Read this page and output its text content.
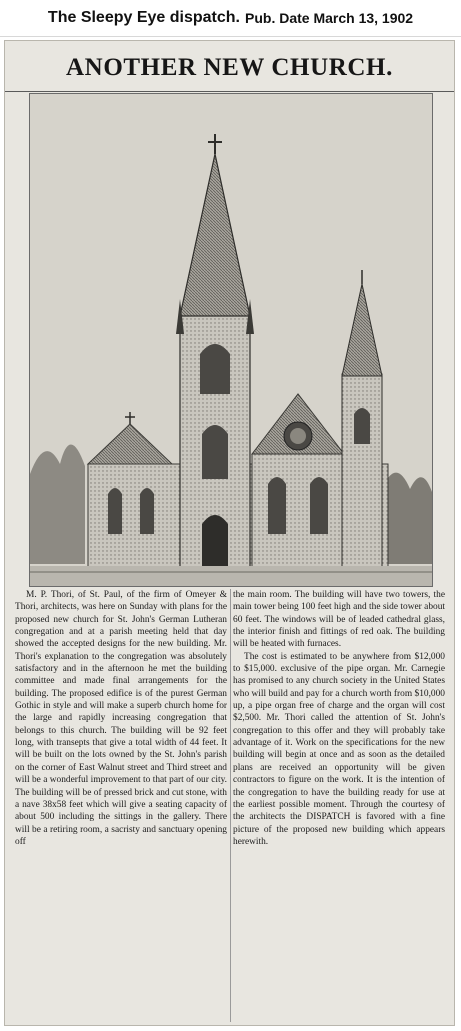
The Sleepy Eye dispatch. Pub. Date March 13, 1902
ANOTHER NEW CHURCH.

M. P. Thori, of St. Paul, of the firm of Omeyer & Thori, architects, was here on Sunday with plans for the proposed new church for St. John's German Lutheran congregation and at a parish meeting held that day showed the accepted designs for the new building. Mr. Thori's explanation to the congregation was absolutely satisfactory and in the afternoon he met the building committee and made final arrangements for the building. The proposed edifice is of the purest German Gothic in style and will make a superb church home for the large and rapidly increasing congregation that belongs to this church. The building will be 92 feet long, with transepts that give a total width of 44 feet. It will be built on the lots owned by the St. John's parish on the corner of East Walnut street and Third street and will be a wonderful improvement to that part of our city. The building will be of pressed brick and cut stone, with a nave 38x58 feet which will give a seating capacity of about 500 including the sittings in the gallery. There will be a retiring room, a sacristy and sanctuary opening off

the main room. The building will have two towers, the main tower being 100 feet high and the side tower about 60 feet. The windows will be of leaded cathedral glass, the interior finish and fittings of red oak. The building will be heated with furnaces.

The cost is estimated to be anywhere from $12,000 to $15,000. exclusive of the pipe organ. Mr. Carnegie has promised to any church society in the United States who will build and pay for a church worth from $10,000 up, a pipe organ free of charge and the organ will cost $2,500. Mr. Thori called the attention of St. John's congregation to this offer and they will probably take advantage of it. Work on the specifications for the new building will begin at once and as soon as the detailed plans are received an opportunity will be given contractors to figure on the work. It is the intention of the congregation to have the building ready for use at the earliest possible moment. Through the courtesy of the architects the DISPATCH is favored with a fine picture of the proposed new building which appears herewith.
